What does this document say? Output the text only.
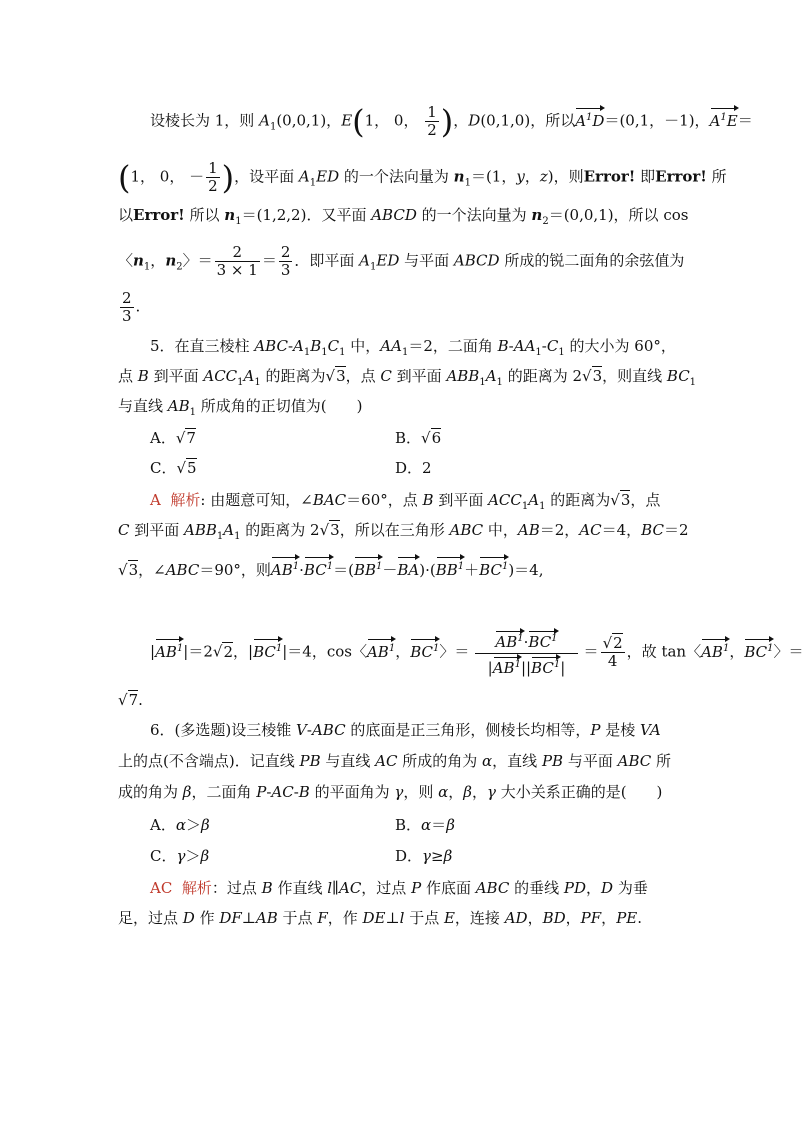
设棱长为 1，则 $A_1(0,0,1)$，E(1， 0， $\frac{1}{2}$ )，D(0,1,0)，所以$A^1D=(0,1$，－1)，$A^1E=$
(1， 0， － $\frac{1}{2}$ )，设平面 $A_1ED$ 的一个法向量为 $n_1=(1$，y，z)，则Error! 即Error! 所
以Error! 所以 $n_1=(1,2,2)$．又平面 ABCD 的一个法向量为 $n_2=(0,0,1)$，所以 cos
〈$n_1$，$n_2$〉＝ $\frac{2}{3 \times 1} = \frac{2}{3}$ ．即平面 $A_1ED$ 与平面 ABCD 所成的锐二面角的余弦值为
$\frac{2}{3}$ .
5．在直三棱柱 ABC-$A_1B_1C_1$ 中，$AA_1=2$，二面角 $B-AA_1-C_1$ 的大小为 60°，
点 B 到平面 $ACC_1A_1$ 的距离为√3，点 C 到平面 $ABB_1A_1$ 的距离为 2√3，则直线 $BC_1$
与直线 $AB_1$ 所成角的正切值为(　　)
A．√7	B．√6
C．√5	D．2
A 解析: 由题意可知，∠BAC＝60°，点 B 到平面 $ACC_1A_1$ 的距离为√3，点
C 到平面 $ABB_1A_1$ 的距离为 2√3，所以在三角形 ABC 中，AB＝2，AC＝4，BC＝2
√3，∠ABC＝90°，则$AB^1\cdot BC^1=(BB^1-BA)\cdot(BB^1+BC^1)=4$,
$|AB^1|=2√2$，$|BC^1|=4$，cos〈$AB^1$，$BC^1$〉＝ $\frac{AB^1\cdot BC^1}{|AB^1||BC^1|} = \frac{√2}{4}$ ，故 tan〈$AB^1$，$BC^1$〉＝
√7.
6．(多选题)设三棱锥 V-ABC 的底面是正三角形，侧棱长均相等，P 是棱 VA
上的点(不含端点)．记直线 PB 与直线 AC 所成的角为 α，直线 PB 与平面 ABC 所
成的角为 β，二面角 P-AC-B 的平面角为 γ，则 α，β，γ 大小关系正确的是(　　)
A．α＞β	B．α＝β
C．γ＞β	D．γ≥β
AC 解析：过点 B 作直线 l∥AC，过点 P 作底面 ABC 的垂线 PD，D 为垂
足，过点 D 作 DF⊥AB 于点 F，作 DE⊥l 于点 E，连接 AD，BD，PF，PE.
